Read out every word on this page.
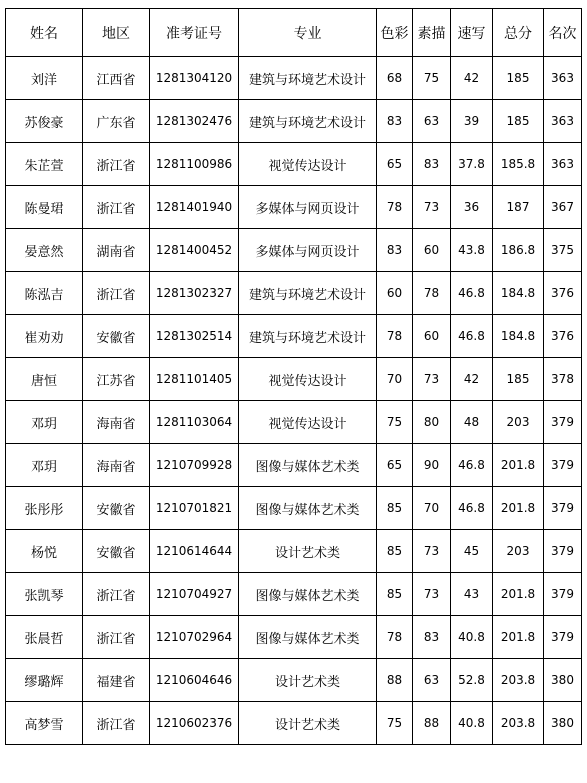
姓名	地区	准考证号	专业	色彩	素描	速写	总分	名次
刘洋	江西省	1281304120	建筑与环境艺术设计	68	75	42	185	363
苏俊豪	广东省	1281302476	建筑与环境艺术设计	83	63	39	185	363
朱芷萱	浙江省	1281100986	视觉传达设计	65	83	37.8	185.8	363
陈曼珺	浙江省	1281401940	多媒体与网页设计	78	73	36	187	367
晏意然	湖南省	1281400452	多媒体与网页设计	83	60	43.8	186.8	375
陈泓吉	浙江省	1281302327	建筑与环境艺术设计	60	78	46.8	184.8	376
崔劝劝	安徽省	1281302514	建筑与环境艺术设计	78	60	46.8	184.8	376
唐恒	江苏省	1281101405	视觉传达设计	70	73	42	185	378
邓玥	海南省	1281103064	视觉传达设计	75	80	48	203	379
邓玥	海南省	1210709928	图像与媒体艺术类	65	90	46.8	201.8	379
张彤彤	安徽省	1210701821	图像与媒体艺术类	85	70	46.8	201.8	379
杨悦	安徽省	1210614644	设计艺术类	85	73	45	203	379
张凯琴	浙江省	1210704927	图像与媒体艺术类	85	73	43	201.8	379
张晨哲	浙江省	1210702964	图像与媒体艺术类	78	83	40.8	201.8	379
缪璐辉	福建省	1210604646	设计艺术类	88	63	52.8	203.8	380
高梦雪	浙江省	1210602376	设计艺术类	75	88	40.8	203.8	380
